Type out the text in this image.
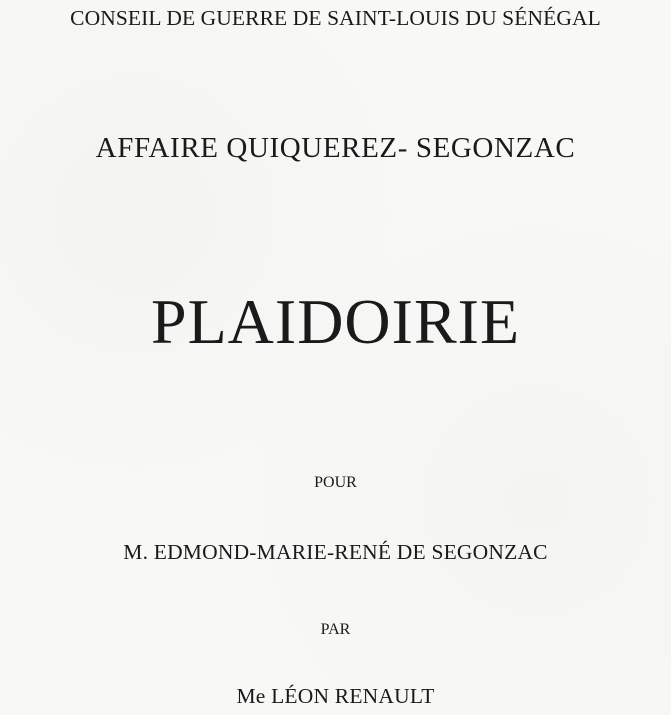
CONSEIL DE GUERRE DE SAINT-LOUIS DU SÉNÉGAL
AFFAIRE QUIQUEREZ- SEGONZAC
PLAIDOIRIE
POUR
M. EDMOND-MARIE-RENÉ DE SEGONZAC
PAR
Me LÉON RENAULT
